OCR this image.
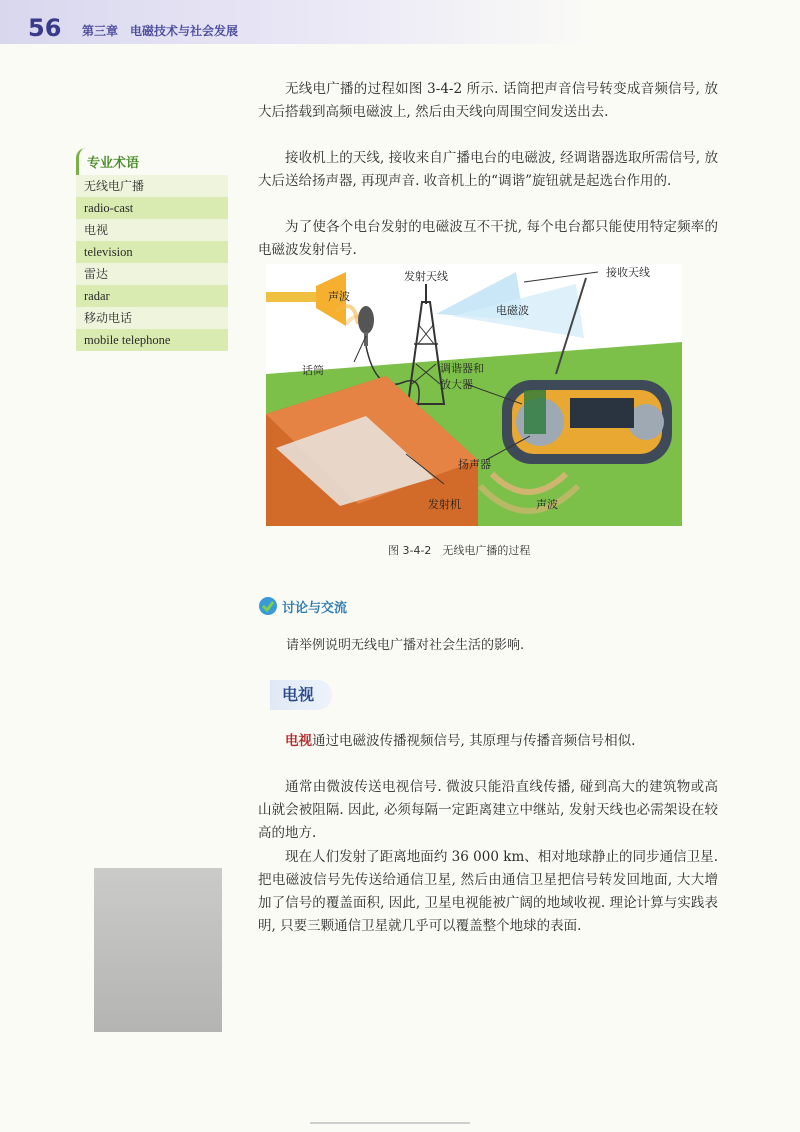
56 第三章　电磁技术与社会发展

无线电广播的过程如图 3-4-2 所示. 话筒把声音信号转变成音频信号, 放大后搭载到高频电磁波上, 然后由天线向周围空间发送出去.

接收机上的天线, 接收来自广播电台的电磁波, 经调谐器选取所需信号, 放大后送给扬声器, 再现声音. 收音机上的“调谐”旋钮就是起选台作用的.

为了使各个电台发射的电磁波互不干扰, 每个电台都只能使用特定频率的电磁波发射信号.

专业术语
无线电广播
radio-cast
电视
television
雷达
radar
移动电话
mobile telephone
发射天线	接收天线
声波
电磁波
话筒	调谐器和
放大器
扬声器
发射机	声波
图 3-4-2　无线电广播的过程
讨论与交流
请举例说明无线电广播对社会生活的影响.
电视

电视通过电磁波传播视频信号, 其原理与传播音频信号相似.

通常由微波传送电视信号. 微波只能沿直线传播, 碰到高大的建筑物或高山就会被阻隔. 因此, 必须每隔一定距离建立中继站, 发射天线也必需架设在较高的地方.

现在人们发射了距离地面约 36 000 km、相对地球静止的同步通信卫星. 把电磁波信号先传送给通信卫星, 然后由通信卫星把信号转发回地面, 大大增加了信号的覆盖面积, 因此, 卫星电视能被广阔的地域收视. 理论计算与实践表明, 只要三颗通信卫星就几乎可以覆盖整个地球的表面.
